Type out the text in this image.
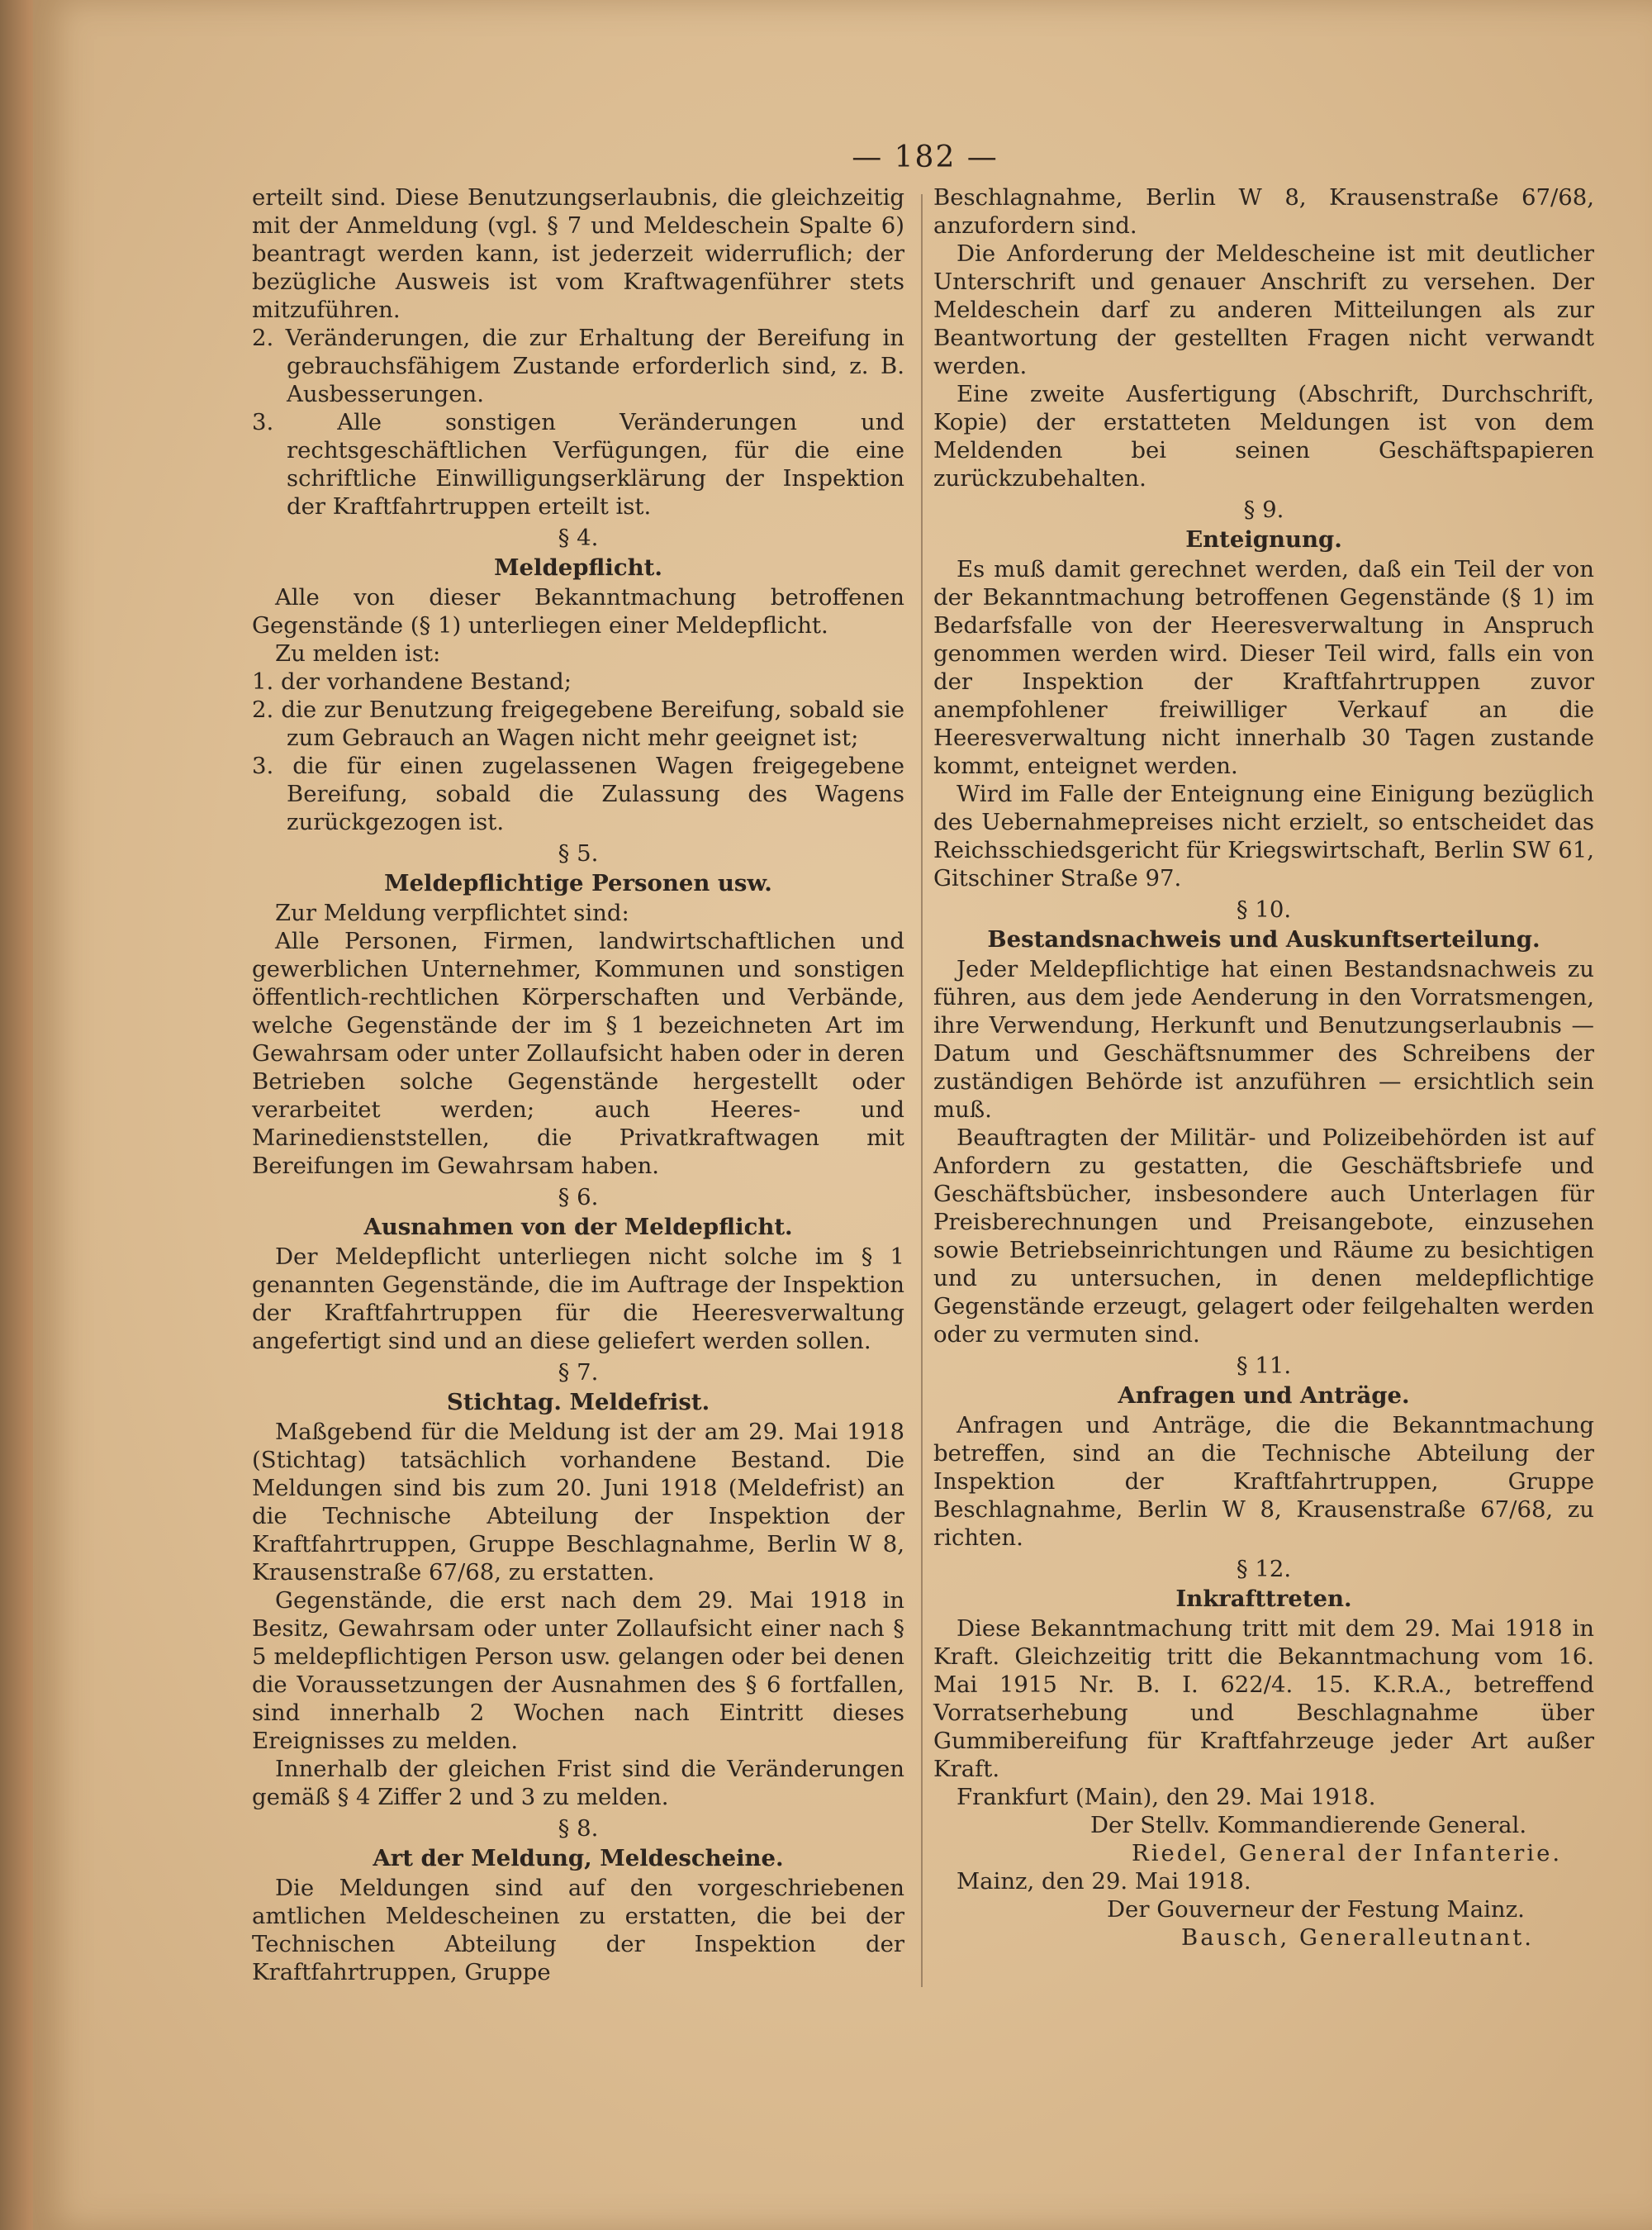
— 182 —

erteilt sind. Diese Benutzungserlaubnis, die gleichzeitig mit der Anmeldung (vgl. § 7 und Meldeschein Spalte 6) beantragt werden kann, ist jederzeit widerruflich; der bezügliche Ausweis ist vom Kraftwagenführer stets mitzuführen.

2. Veränderungen, die zur Erhaltung der Bereifung in gebrauchsfähigem Zustande erforderlich sind, z. B. Ausbesserungen.

3. Alle sonstigen Veränderungen und rechtsgeschäftlichen Verfügungen, für die eine schriftliche Einwilligungserklärung der Inspektion der Kraftfahrtruppen erteilt ist.

§ 4.

Meldepflicht.

Alle von dieser Bekanntmachung betroffenen Gegenstände (§ 1) unterliegen einer Meldepflicht.

Zu melden ist:

1. der vorhandene Bestand;

2. die zur Benutzung freigegebene Bereifung, sobald sie zum Gebrauch an Wagen nicht mehr geeignet ist;

3. die für einen zugelassenen Wagen freigegebene Bereifung, sobald die Zulassung des Wagens zurückgezogen ist.

§ 5.

Meldepflichtige Personen usw.

Zur Meldung verpflichtet sind:

Alle Personen, Firmen, landwirtschaftlichen und gewerblichen Unternehmer, Kommunen und sonstigen öffentlich-rechtlichen Körperschaften und Verbände, welche Gegenstände der im § 1 bezeichneten Art im Gewahrsam oder unter Zollaufsicht haben oder in deren Betrieben solche Gegenstände hergestellt oder verarbeitet werden; auch Heeres- und Marinedienststellen, die Privatkraftwagen mit Bereifungen im Gewahrsam haben.

§ 6.

Ausnahmen von der Meldepflicht.

Der Meldepflicht unterliegen nicht solche im § 1 genannten Gegenstände, die im Auftrage der Inspektion der Kraftfahrtruppen für die Heeresverwaltung angefertigt sind und an diese geliefert werden sollen.

§ 7.

Stichtag. Meldefrist.

Maßgebend für die Meldung ist der am 29. Mai 1918 (Stichtag) tatsächlich vorhandene Bestand. Die Meldungen sind bis zum 20. Juni 1918 (Meldefrist) an die Technische Abteilung der Inspektion der Kraftfahrtruppen, Gruppe Beschlagnahme, Berlin W 8, Krausenstraße 67/68, zu erstatten.

Gegenstände, die erst nach dem 29. Mai 1918 in Besitz, Gewahrsam oder unter Zollaufsicht einer nach § 5 meldepflichtigen Person usw. gelangen oder bei denen die Voraussetzungen der Ausnahmen des § 6 fortfallen, sind innerhalb 2 Wochen nach Eintritt dieses Ereignisses zu melden.

Innerhalb der gleichen Frist sind die Veränderungen gemäß § 4 Ziffer 2 und 3 zu melden.

§ 8.

Art der Meldung, Meldescheine.

Die Meldungen sind auf den vorgeschriebenen amtlichen Meldescheinen zu erstatten, die bei der Technischen Abteilung der Inspektion der Kraftfahrtruppen, Gruppe

Beschlagnahme, Berlin W 8, Krausenstraße 67/68, anzufordern sind.

Die Anforderung der Meldescheine ist mit deutlicher Unterschrift und genauer Anschrift zu versehen. Der Meldeschein darf zu anderen Mitteilungen als zur Beantwortung der gestellten Fragen nicht verwandt werden.

Eine zweite Ausfertigung (Abschrift, Durchschrift, Kopie) der erstatteten Meldungen ist von dem Meldenden bei seinen Geschäftspapieren zurückzubehalten.

§ 9.

Enteignung.

Es muß damit gerechnet werden, daß ein Teil der von der Bekanntmachung betroffenen Gegenstände (§ 1) im Bedarfsfalle von der Heeresverwaltung in Anspruch genommen werden wird. Dieser Teil wird, falls ein von der Inspektion der Kraftfahrtruppen zuvor anempfohlener freiwilliger Verkauf an die Heeresverwaltung nicht innerhalb 30 Tagen zustande kommt, enteignet werden.

Wird im Falle der Enteignung eine Einigung bezüglich des Uebernahmepreises nicht erzielt, so entscheidet das Reichsschiedsgericht für Kriegswirtschaft, Berlin SW 61, Gitschiner Straße 97.

§ 10.

Bestandsnachweis und Auskunftserteilung.

Jeder Meldepflichtige hat einen Bestandsnachweis zu führen, aus dem jede Aenderung in den Vorratsmengen, ihre Verwendung, Herkunft und Benutzungserlaubnis — Datum und Geschäftsnummer des Schreibens der zuständigen Behörde ist anzuführen — ersichtlich sein muß.

Beauftragten der Militär- und Polizeibehörden ist auf Anfordern zu gestatten, die Geschäftsbriefe und Geschäftsbücher, insbesondere auch Unterlagen für Preisberechnungen und Preisangebote, einzusehen sowie Betriebseinrichtungen und Räume zu besichtigen und zu untersuchen, in denen meldepflichtige Gegenstände erzeugt, gelagert oder feilgehalten werden oder zu vermuten sind.

§ 11.

Anfragen und Anträge.

Anfragen und Anträge, die die Bekanntmachung betreffen, sind an die Technische Abteilung der Inspektion der Kraftfahrtruppen, Gruppe Beschlagnahme, Berlin W 8, Krausenstraße 67/68, zu richten.

§ 12.

Inkrafttreten.

Diese Bekanntmachung tritt mit dem 29. Mai 1918 in Kraft. Gleichzeitig tritt die Bekanntmachung vom 16. Mai 1915 Nr. B. I. 622/4. 15. K.R.A., betreffend Vorratserhebung und Beschlagnahme über Gummibereifung für Kraftfahrzeuge jeder Art außer Kraft.

Frankfurt (Main), den 29. Mai 1918.

Der Stellv. Kommandierende General.

Riedel, General der Infanterie.

Mainz, den 29. Mai 1918.

Der Gouverneur der Festung Mainz.

Bausch, Generalleutnant.
